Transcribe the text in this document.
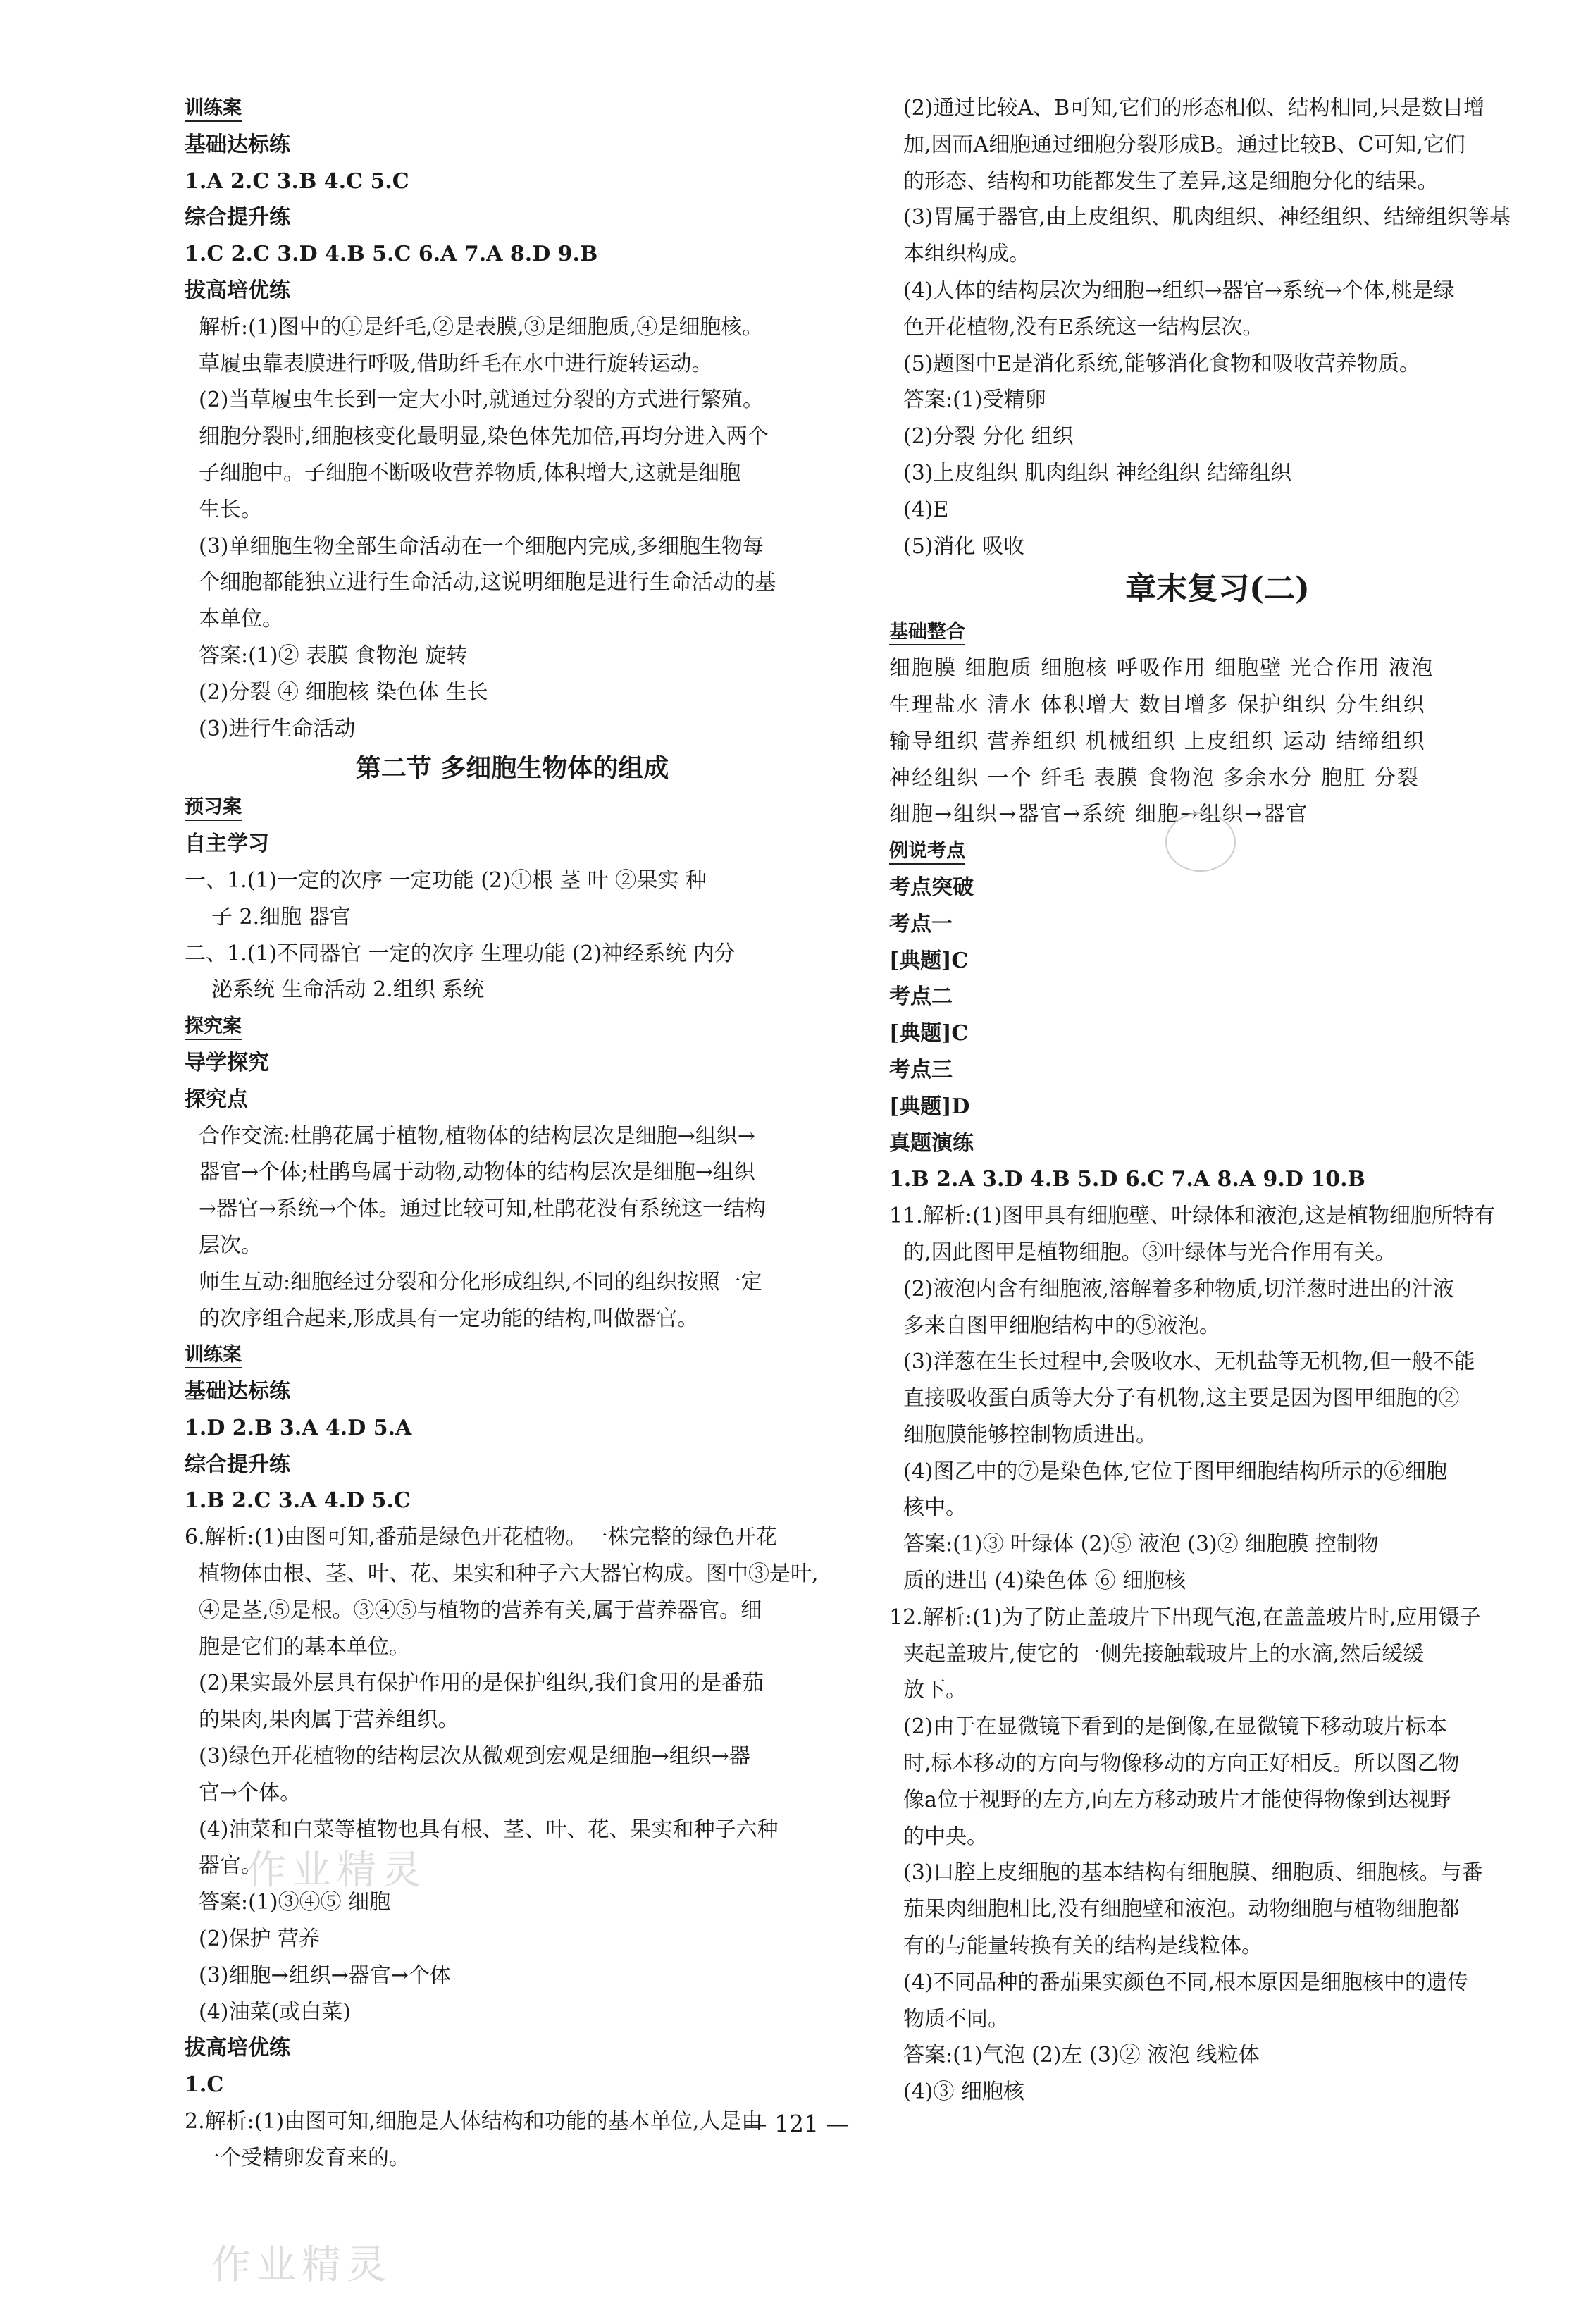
训练案
基础达标练
1.A 2.C 3.B 4.C 5.C
综合提升练
1.C 2.C 3.D 4.B 5.C 6.A 7.A 8.D 9.B
拔高培优练
解析:(1)图中的①是纤毛,②是表膜,③是细胞质,④是细胞核。
草履虫靠表膜进行呼吸,借助纤毛在水中进行旋转运动。
(2)当草履虫生长到一定大小时,就通过分裂的方式进行繁殖。
细胞分裂时,细胞核变化最明显,染色体先加倍,再均分进入两个
子细胞中。子细胞不断吸收营养物质,体积增大,这就是细胞
生长。
(3)单细胞生物全部生命活动在一个细胞内完成,多细胞生物每
个细胞都能独立进行生命活动,这说明细胞是进行生命活动的基
本单位。
答案:(1)② 表膜 食物泡 旋转
(2)分裂 ④ 细胞核 染色体 生长
(3)进行生命活动
第二节 多细胞生物体的组成
预习案
自主学习
一、1.(1)一定的次序 一定功能 (2)①根 茎 叶 ②果实 种
子 2.细胞 器官
二、1.(1)不同器官 一定的次序 生理功能 (2)神经系统 内分
泌系统 生命活动 2.组织 系统
探究案
导学探究
探究点
合作交流:杜鹃花属于植物,植物体的结构层次是细胞→组织→
器官→个体;杜鹃鸟属于动物,动物体的结构层次是细胞→组织
→器官→系统→个体。通过比较可知,杜鹃花没有系统这一结构
层次。
师生互动:细胞经过分裂和分化形成组织,不同的组织按照一定
的次序组合起来,形成具有一定功能的结构,叫做器官。
训练案
基础达标练
1.D 2.B 3.A 4.D 5.A
综合提升练
1.B 2.C 3.A 4.D 5.C
6.解析:(1)由图可知,番茄是绿色开花植物。一株完整的绿色开花
植物体由根、茎、叶、花、果实和种子六大器官构成。图中③是叶,
④是茎,⑤是根。③④⑤与植物的营养有关,属于营养器官。细
胞是它们的基本单位。
(2)果实最外层具有保护作用的是保护组织,我们食用的是番茄
的果肉,果肉属于营养组织。
(3)绿色开花植物的结构层次从微观到宏观是细胞→组织→器
官→个体。
(4)油菜和白菜等植物也具有根、茎、叶、花、果实和种子六种
器官。
答案:(1)③④⑤ 细胞
(2)保护 营养
(3)细胞→组织→器官→个体
(4)油菜(或白菜)
拔高培优练
1.C
2.解析:(1)由图可知,细胞是人体结构和功能的基本单位,人是由
一个受精卵发育来的。
(2)通过比较A、B可知,它们的形态相似、结构相同,只是数目增
加,因而A细胞通过细胞分裂形成B。通过比较B、C可知,它们
的形态、结构和功能都发生了差异,这是细胞分化的结果。
(3)胃属于器官,由上皮组织、肌肉组织、神经组织、结缔组织等基
本组织构成。
(4)人体的结构层次为细胞→组织→器官→系统→个体,桃是绿
色开花植物,没有E系统这一结构层次。
(5)题图中E是消化系统,能够消化食物和吸收营养物质。
答案:(1)受精卵
(2)分裂 分化 组织
(3)上皮组织 肌肉组织 神经组织 结缔组织
(4)E
(5)消化 吸收
章末复习(二)
基础整合
细胞膜 细胞质 细胞核 呼吸作用 细胞壁 光合作用 液泡
生理盐水 清水 体积增大 数目增多 保护组织 分生组织
输导组织 营养组织 机械组织 上皮组织 运动 结缔组织
神经组织 一个 纤毛 表膜 食物泡 多余水分 胞肛 分裂
细胞→组织→器官→系统 细胞→组织→器官
例说考点
考点突破
考点一
[典题]C
考点二
[典题]C
考点三
[典题]D
真题演练
1.B 2.A 3.D 4.B 5.D 6.C 7.A 8.A 9.D 10.B
11.解析:(1)图甲具有细胞壁、叶绿体和液泡,这是植物细胞所特有
的,因此图甲是植物细胞。③叶绿体与光合作用有关。
(2)液泡内含有细胞液,溶解着多种物质,切洋葱时进出的汁液
多来自图甲细胞结构中的⑤液泡。
(3)洋葱在生长过程中,会吸收水、无机盐等无机物,但一般不能
直接吸收蛋白质等大分子有机物,这主要是因为图甲细胞的②
细胞膜能够控制物质进出。
(4)图乙中的⑦是染色体,它位于图甲细胞结构所示的⑥细胞
核中。
答案:(1)③ 叶绿体 (2)⑤ 液泡 (3)② 细胞膜 控制物
质的进出 (4)染色体 ⑥ 细胞核
12.解析:(1)为了防止盖玻片下出现气泡,在盖盖玻片时,应用镊子
夹起盖玻片,使它的一侧先接触载玻片上的水滴,然后缓缓
放下。
(2)由于在显微镜下看到的是倒像,在显微镜下移动玻片标本
时,标本移动的方向与物像移动的方向正好相反。所以图乙物
像a位于视野的左方,向左方移动玻片才能使得物像到达视野
的中央。
(3)口腔上皮细胞的基本结构有细胞膜、细胞质、细胞核。与番
茄果肉细胞相比,没有细胞壁和液泡。动物细胞与植物细胞都
有的与能量转换有关的结构是线粒体。
(4)不同品种的番茄果实颜色不同,根本原因是细胞核中的遗传
物质不同。
答案:(1)气泡 (2)左 (3)② 液泡 线粒体
(4)③ 细胞核
作业精灵
作业精灵
— 121 —
